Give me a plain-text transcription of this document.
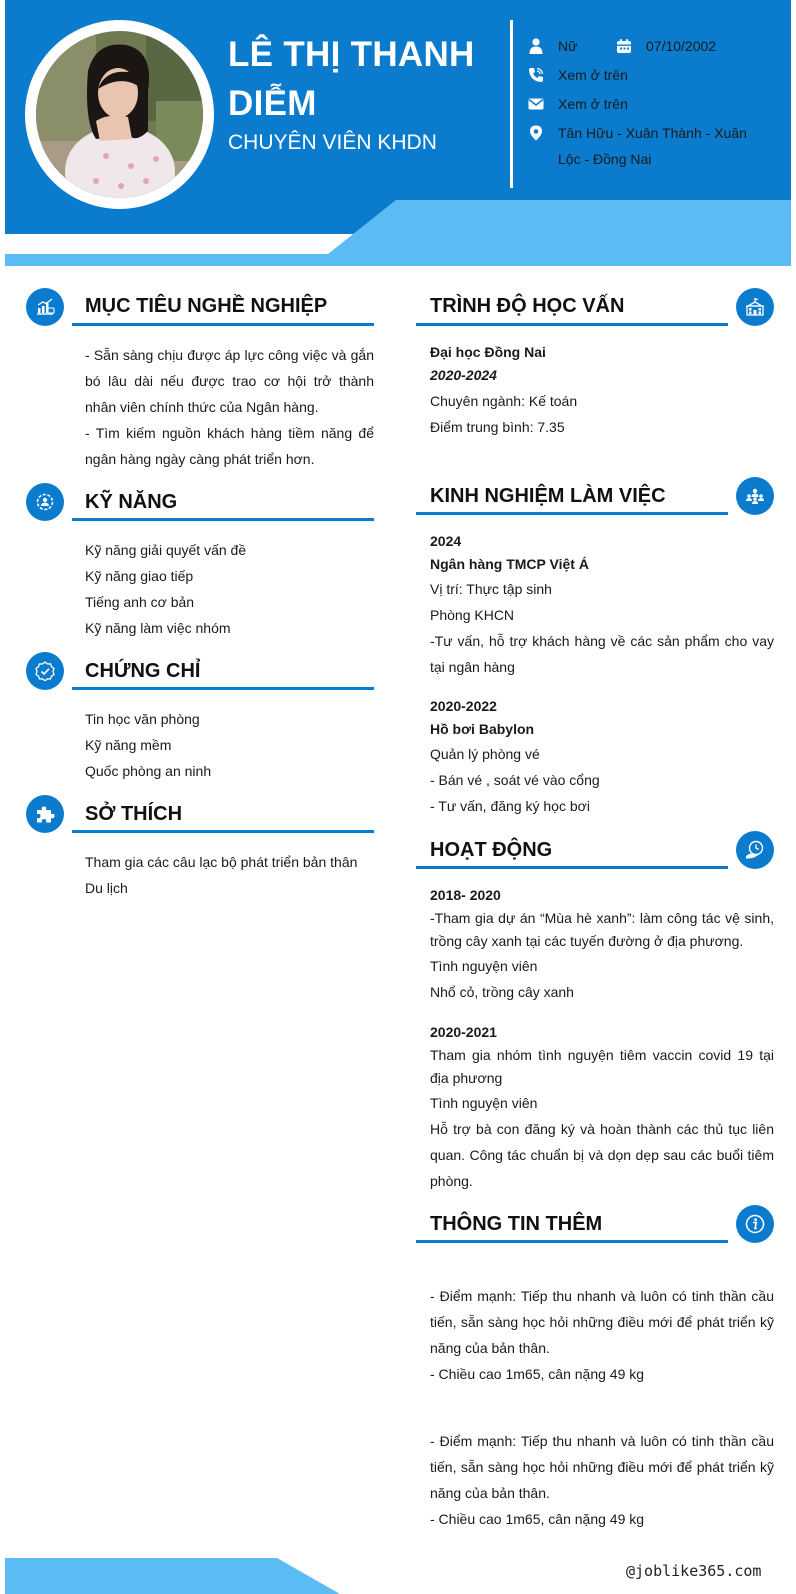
LÊ THỊ THANH DIỄM
CHUYÊN VIÊN KHDN
Nữ	07/10/2002
Xem ở trên
Xem ở trên
Tân Hữu - Xuân Thành - Xuân Lộc - Đồng Nai
MỤC TIÊU NGHỀ NGHIỆP
- Sẵn sàng chịu được áp lực công việc và gắn bó lâu dài nếu được trao cơ hội trở thành nhân viên chính thức của Ngân hàng.
- Tìm kiếm nguồn khách hàng tiềm năng để ngân hàng ngày càng phát triển hơn.
KỸ NĂNG
Kỹ năng giải quyết vấn đề
Kỹ năng giao tiếp
Tiếng anh cơ bản
Kỹ năng làm việc nhóm
CHỨNG CHỈ
Tin học văn phòng
Kỹ năng mềm
Quốc phòng an ninh
SỞ THÍCH
Tham gia các câu lạc bộ phát triển bản thân
Du lịch
TRÌNH ĐỘ HỌC VẤN
Đại học Đồng Nai
2020-2024
Chuyên ngành: Kế toán
Điểm trung bình: 7.35
KINH NGHIỆM LÀM VIỆC
2024
Ngân hàng TMCP Việt Á
Vị trí: Thực tập sinh
Phòng KHCN
-Tư vấn, hỗ trợ khách hàng về các sản phẩm cho vay tại ngân hàng
2020-2022
Hồ bơi Babylon
Quản lý phòng vé
- Bán vé , soát vé vào cổng
- Tư vấn, đăng ký học bơi
HOẠT ĐỘNG
2018- 2020
-Tham gia dự án “Mùa hè xanh”: làm công tác vệ sinh, trồng cây xanh tại các tuyến đường ở địa phương.
Tình nguyện viên
Nhổ cỏ, trồng cây xanh
2020-2021
Tham gia nhóm tình nguyện tiêm vaccin covid 19 tại địa phương
Tình nguyện viên
Hỗ trợ bà con đăng ký và hoàn thành các thủ tục liên quan. Công tác chuẩn bị và dọn dẹp sau các buổi tiêm phòng.
THÔNG TIN THÊM
- Điểm mạnh: Tiếp thu nhanh và luôn có tinh thần cầu tiến, sẵn sàng học hỏi những điều mới để phát triển kỹ năng của bản thân.
- Chiều cao 1m65, cân nặng 49 kg
- Điểm mạnh: Tiếp thu nhanh và luôn có tinh thần cầu tiến, sẵn sàng học hỏi những điều mới để phát triển kỹ năng của bản thân.
- Chiều cao 1m65, cân nặng 49 kg
@joblike365.com
